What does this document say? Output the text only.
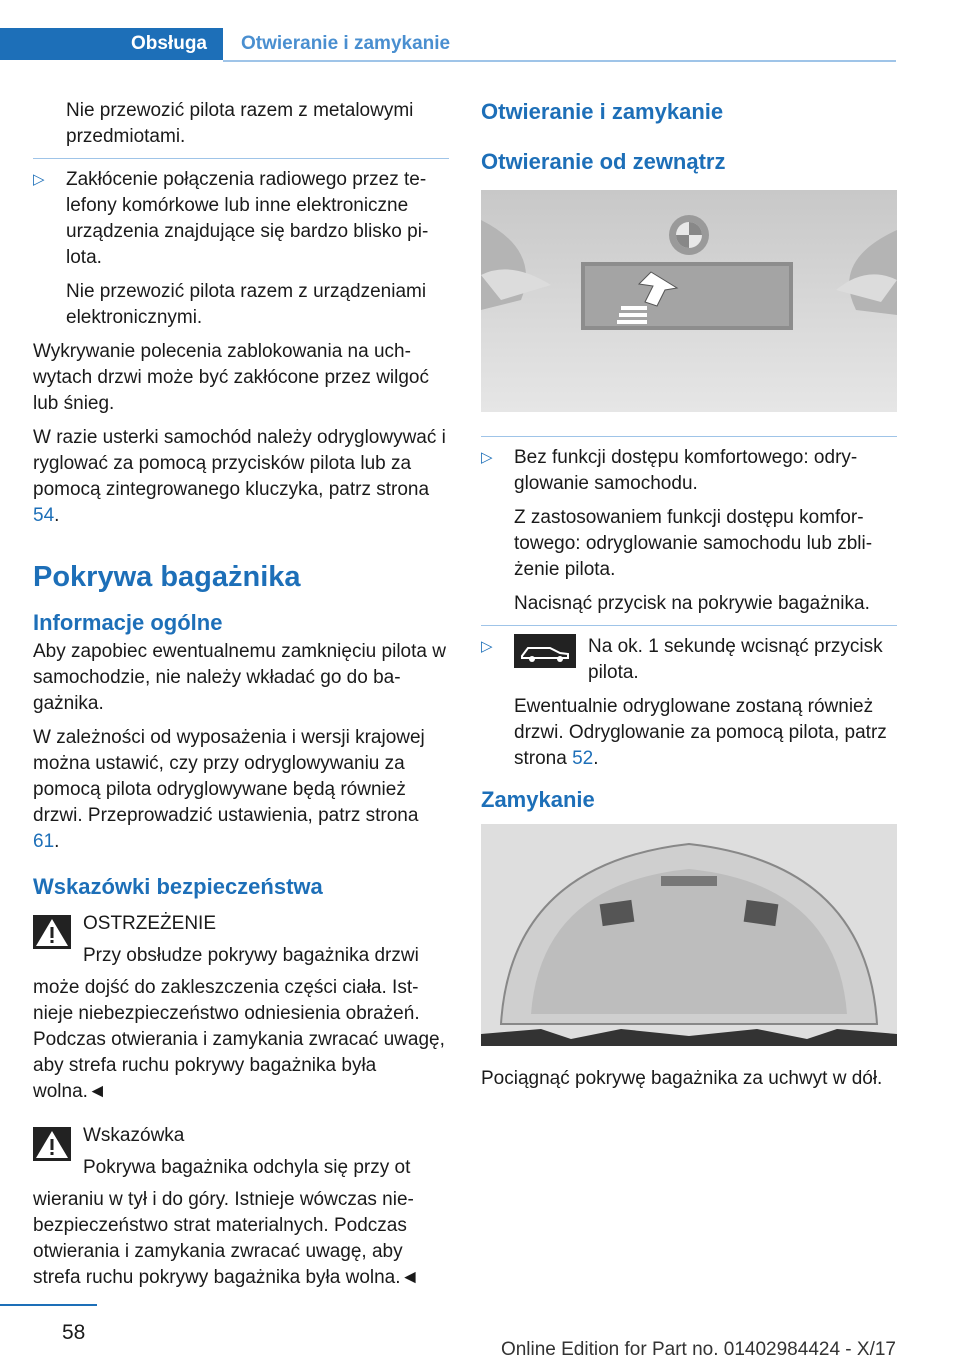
Obsługa	Otwieranie i zamykanie

Nie przewozić pilota razem z metalowymi przedmiotami.

▷ Zakłócenie połączenia radiowego przez telefony komórkowe lub inne elektroniczne urządzenia znajdujące się bardzo blisko pilota.

Nie przewozić pilota razem z urządzeniami elektronicznymi.

Wykrywanie polecenia zablokowania na uchwytach drzwi może być zakłócone przez wilgoć lub śnieg.

W razie usterki samochód należy odryglowywać i ryglować za pomocą przycisków pilota lub za pomocą zintegrowanego kluczyka, patrz strona 54.

Pokrywa bagażnika
Informacje ogólne

Aby zapobiec ewentualnemu zamknięciu pilota w samochodzie, nie należy wkładać go do bagażnika.

W zależności od wyposażenia i wersji krajowej można ustawić, czy przy odryglowywaniu za pomocą pilota odryglowywane będą również drzwi. Przeprowadzić ustawienia, patrz strona 61.

Wskazówki bezpieczeństwa

OSTRZEŻENIE

Przy obsłudze pokrywy bagażnika drzwi

może dojść do zakleszczenia części ciała. Istnieje niebezpieczeństwo odniesienia obrażeń. Podczas otwierania i zamykania zwracać uwagę, aby strefa ruchu pokrywy bagażnika była wolna.◄

Wskazówka

Pokrywa bagażnika odchyla się przy ot

wieraniu w tył i do góry. Istnieje wówczas niebezpieczeństwo strat materialnych. Podczas otwierania i zamykania zwracać uwagę, aby strefa ruchu pokrywy bagażnika była wolna.◄

Otwieranie i zamykanie
Otwieranie od zewnątrz
▷ Bez funkcji dostępu komfortowego: odryglowanie samochodu.

Z zastosowaniem funkcji dostępu komfortowego: odryglowanie samochodu lub zbliżenie pilota.

Nacisnąć przycisk na pokrywie bagażnika.

▷	Na ok. 1 sekundę wcisnąć przycisk pilota.

Ewentualnie odryglowane zostaną również drzwi. Odryglowanie za pomocą pilota, patrz strona 52.

Zamykanie

Pociągnąć pokrywę bagażnika za uchwyt w dół.

58
Online Edition for Part no. 01402984424 - X/17
